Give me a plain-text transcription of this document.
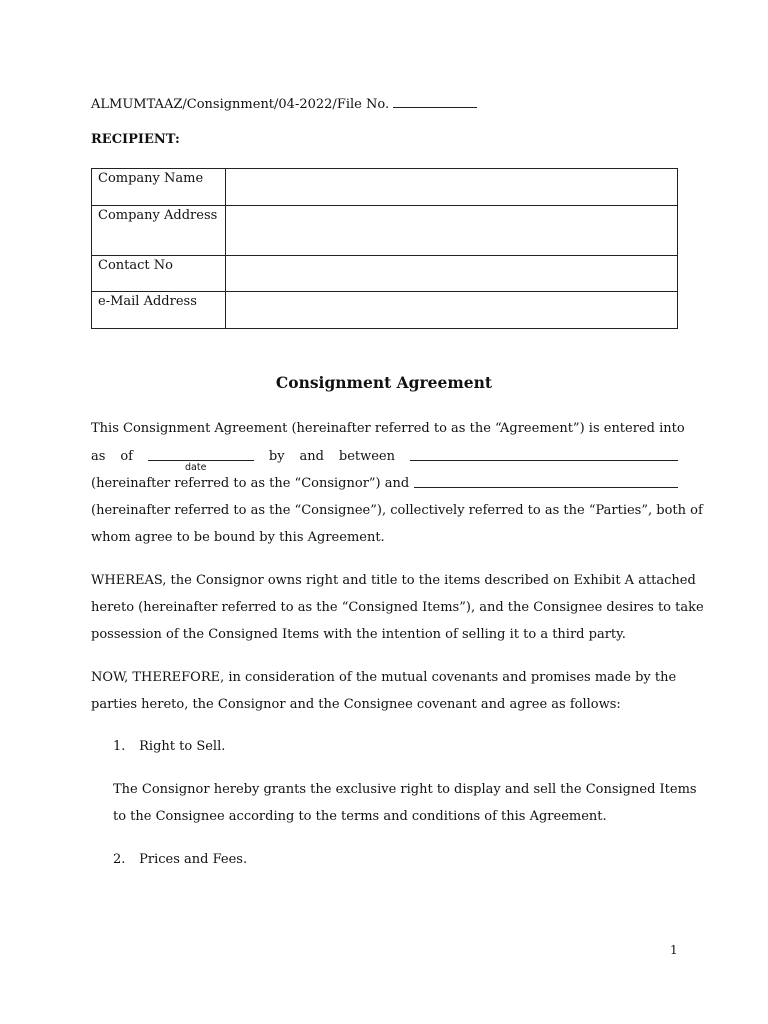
ALMUMTAAZ/Consignment/04-2022/File No.
RECIPIENT:
Company Name	
Company Address	
Contact No	
e-Mail Address	
Consignment Agreement
This Consignment Agreement (hereinafter referred to as the “Agreement”) is entered into
as of	by and between
date
(hereinafter referred to as the “Consignor”) and
(hereinafter referred to as the “Consignee”), collectively referred to as the “Parties”, both of
whom agree to be bound by this Agreement.
WHEREAS, the Consignor owns right and title to the items described on Exhibit A attached
hereto (hereinafter referred to as the “Consigned Items”), and the Consignee desires to take
possession of the Consigned Items with the intention of selling it to a third party.
NOW, THEREFORE, in consideration of the mutual covenants and promises made by the
parties hereto, the Consignor and the Consignee covenant and agree as follows:
1. Right to Sell.
The Consignor hereby grants the exclusive right to display and sell the Consigned Items
to the Consignee according to the terms and conditions of this Agreement.
2. Prices and Fees.
1
